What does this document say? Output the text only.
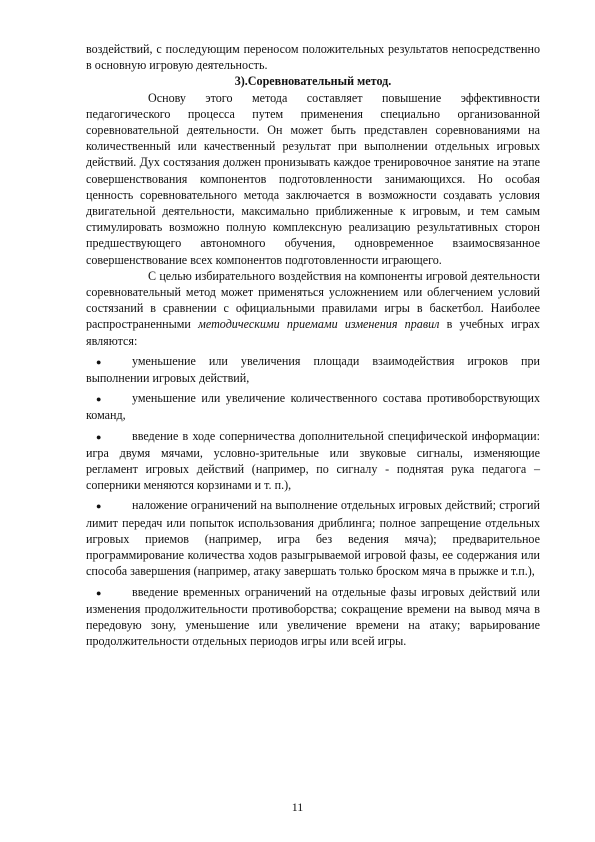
воздействий, с последующим переносом положительных результатов непосредственно в основную игровую деятельность.

3).Соревновательный метод.

Основу этого метода составляет повышение эффективности педагогического процесса путем применения специально организованной соревновательной деятельности. Он может быть представлен соревнованиями на количественный или качественный результат при выполнении отдельных игровых действий. Дух состязания должен пронизывать каждое тренировочное занятие на этапе совершенствования компонентов подготовленности занимающихся. Но особая ценность соревновательного метода заключается в возможности создавать условия двигательной деятельности, максимально приближенные к игровым, и тем самым стимулировать возможно полную комплексную реализацию результативных сторон предшествующего автономного обучения, одновременное взаимосвязанное совершенствование всех компонентов подготовленности играющего.

С целью избирательного воздействия на компоненты игровой деятельности соревновательный метод может применяться усложнением или облегчением условий состязаний в сравнении с официальными правилами игры в баскетбол. Наиболее распространенными методическими приемами изменения правил в учебных играх являются:

●	уменьшение или увеличения площади взаимодействия игроков при выполнении игровых действий,

●	уменьшение или увеличение количественного состава противоборствующих команд,

●	введение в ходе соперничества дополнительной специфической информации: игра двумя мячами, условно-зрительные или звуковые сигналы, изменяющие регламент игровых действий (например, по сигналу - поднятая рука педагога – соперники меняются корзинами и т. п.),

●	наложение ограничений на выполнение отдельных игровых действий; строгий лимит передач или попыток использования дриблинга; полное запрещение отдельных игровых приемов (например, игра без ведения мяча); предварительное программирование количества ходов разыгрываемой игровой фазы, ее содержания или способа завершения (например, атаку завершать только броском мяча в прыжке и т.п.),

●	введение временных ограничений на отдельные фазы игровых действий или изменения продолжительности противоборства; сокращение времени на вывод мяча в передовую зону, уменьшение или увеличение времени на атаку; варьирование продолжительности отдельных периодов игры или всей игры.

11
